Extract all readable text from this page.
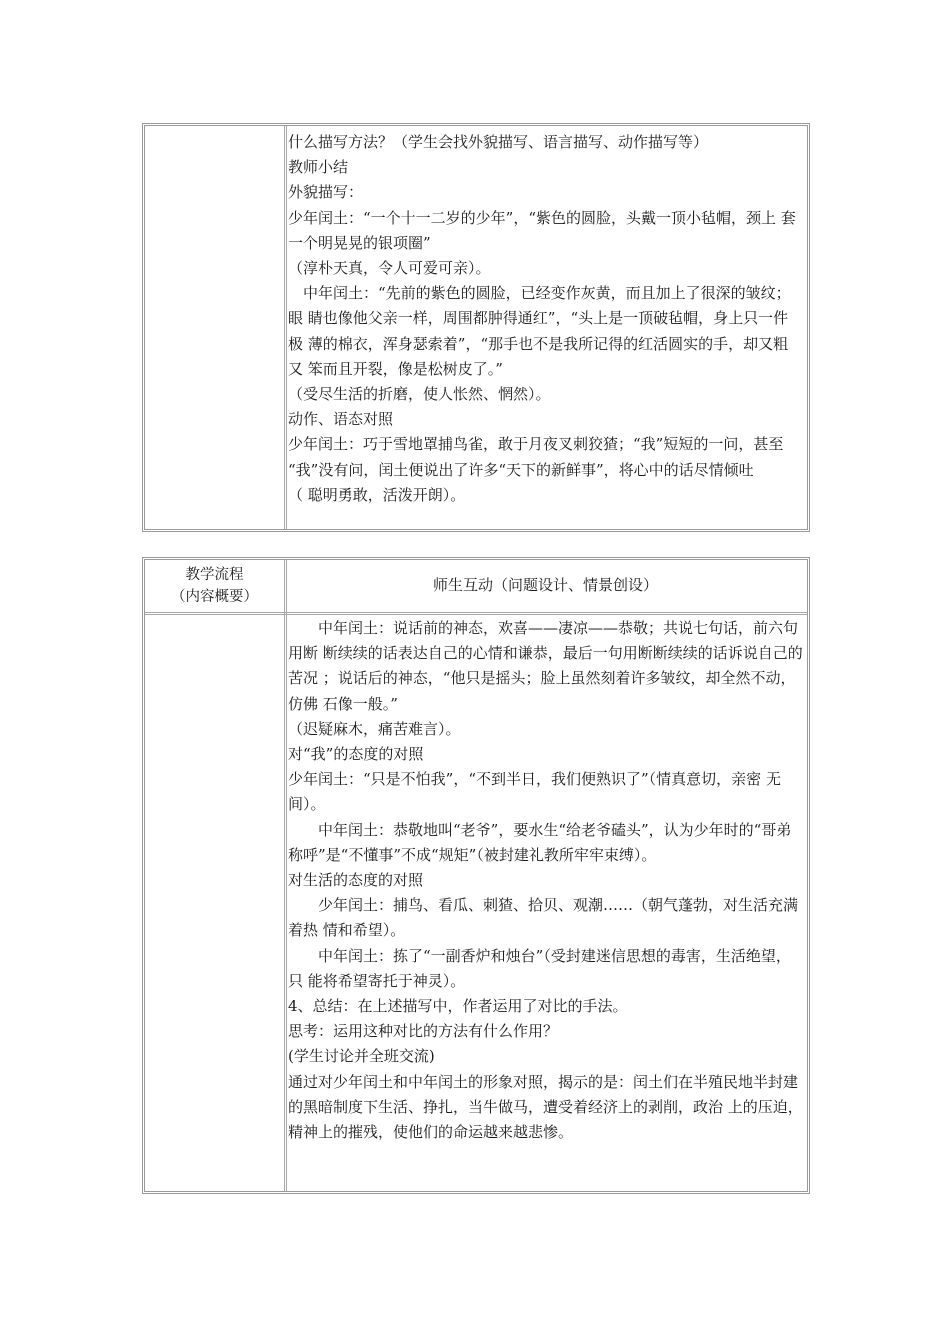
什么描写方法？（学生会找外貌描写、语言描写、动作描写等）

教师小结

外貌描写：

少年闰土：“一个十一二岁的少年”，“紫色的圆脸，头戴一顶小毡帽，颈上 套一个明晃晃的银项圈”

（淳朴天真，令人可爱可亲）。

中年闰土：“先前的紫色的圆脸，已经变作灰黄，而且加上了很深的皱纹；眼 睛也像他父亲一样，周围都肿得通红”，“头上是一顶破毡帽，身上只一件极 薄的棉衣，浑身瑟索着”，“那手也不是我所记得的红活圆实的手，却又粗又 笨而且开裂，像是松树皮了。”

（受尽生活的折磨，使人怅然、惘然）。

动作、语态对照

少年闰土：巧于雪地罩捕鸟雀，敢于月夜叉刺狡猹；“我”短短的一问，甚至 “我”没有问，闰土便说出了许多“天下的新鲜事”，将心中的话尽情倾吐

（ 聪明勇敢，活泼开朗）。

教学流程
（内容概要）
师生互动（问题设计、情景创设）

中年闰土：说话前的神态，欢喜——凄凉——恭敬；共说七句话，前六句用断 断续续的话表达自己的心情和谦恭，最后一句用断断续续的话诉说自己的苦况 ；说话后的神态，“他只是摇头；脸上虽然刻着许多皱纹，却全然不动，仿佛 石像一般。”

（迟疑麻木，痛苦难言）。

对“我”的态度的对照

少年闰土：“只是不怕我”，“不到半日，我们便熟识了”（情真意切，亲密 无间）。

中年闰土：恭敬地叫“老爷”，要水生“给老爷磕头”，认为少年时的“哥弟 称呼”是“不懂事”不成“规矩”（被封建礼教所牢牢束缚）。

对生活的态度的对照

少年闰土：捕鸟、看瓜、刺猹、拾贝、观潮……（朝气蓬勃，对生活充满着热 情和希望）。

中年闰土：拣了“一副香炉和烛台”（受封建迷信思想的毒害，生活绝望，只 能将希望寄托于神灵）。

4、总结：在上述描写中，作者运用了对比的手法。

思考：运用这种对比的方法有什么作用？

(学生讨论并全班交流)

通过对少年闰土和中年闰土的形象对照，揭示的是：闰土们在半殖民地半封建 的黑暗制度下生活、挣扎，当牛做马，遭受着经济上的剥削，政治 上的压迫，精神上的摧残，使他们的命运越来越悲惨。
